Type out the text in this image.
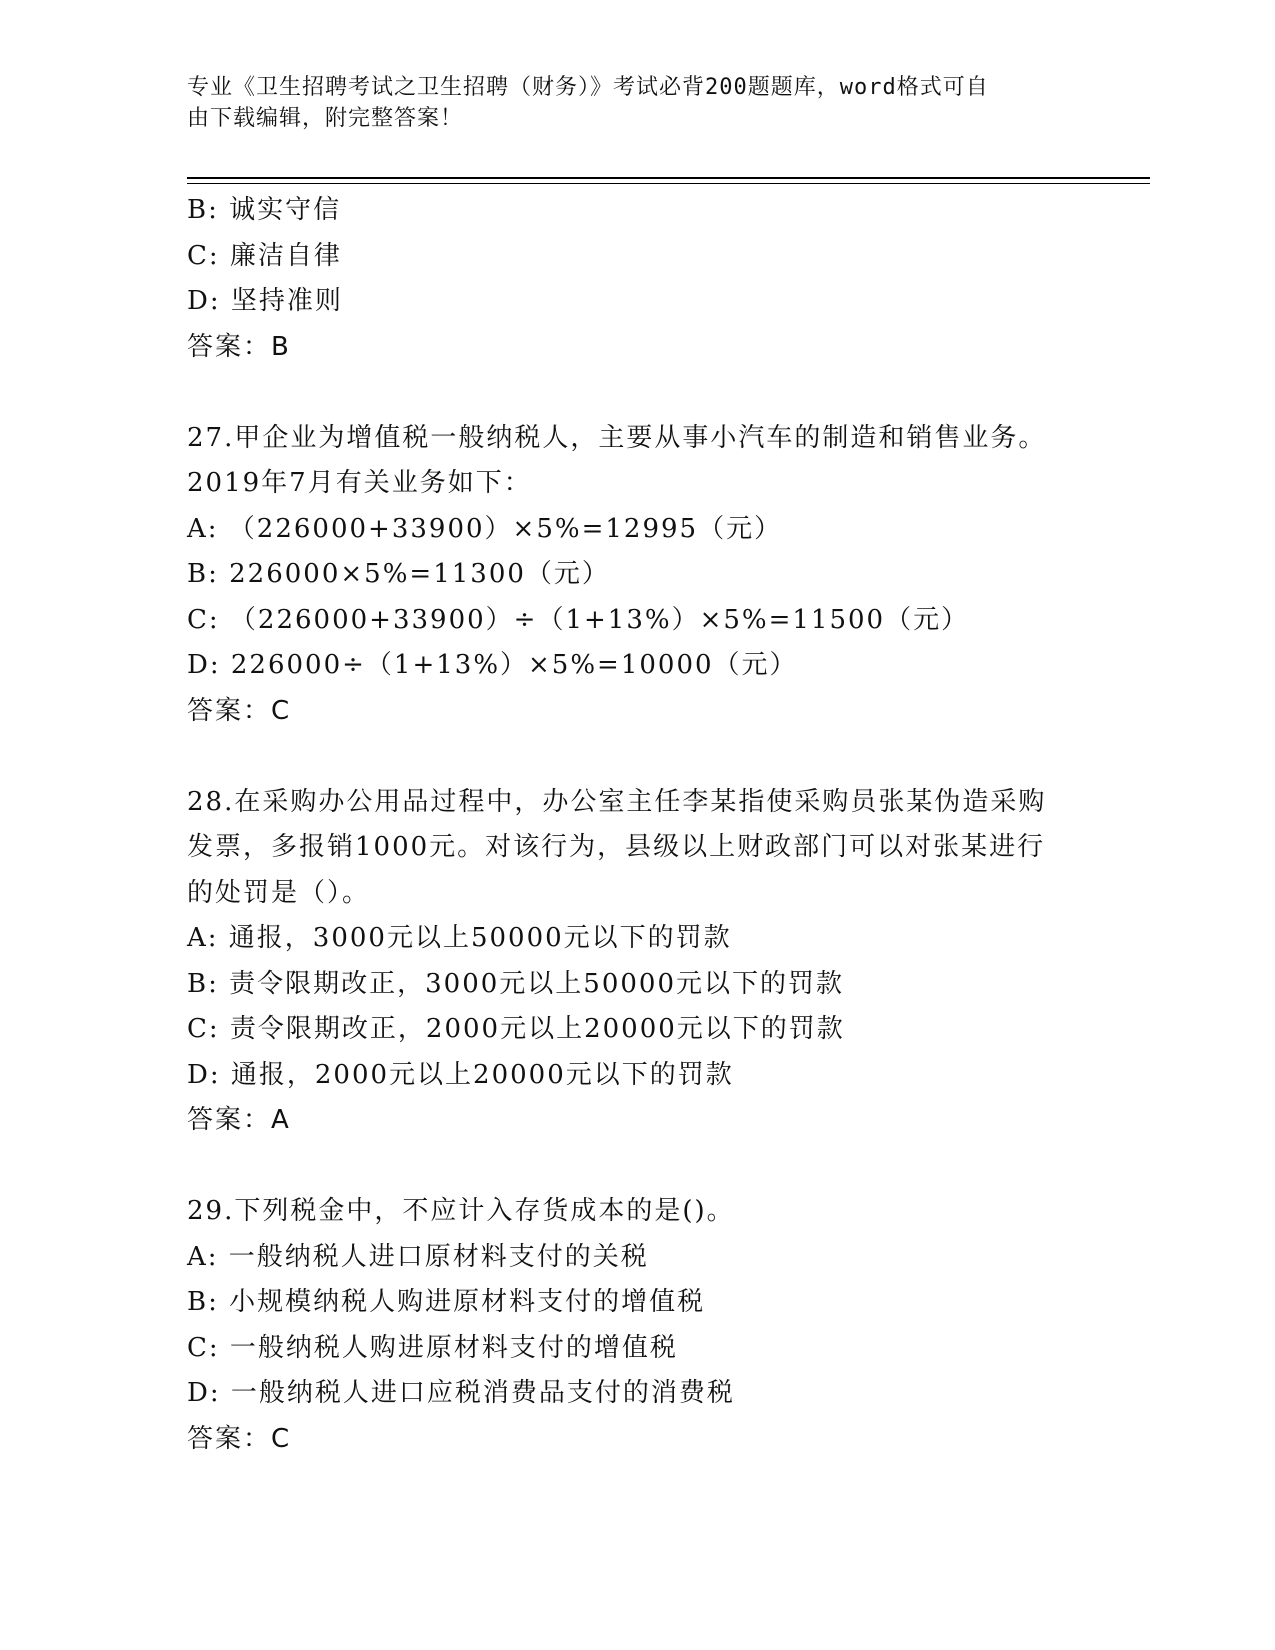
专业《卫生招聘考试之卫生招聘（财务）》考试必背200题题库，word格式可自
由下载编辑，附完整答案！

B: 诚实守信

C: 廉洁自律

D: 坚持准则

答案：B

27.甲企业为增值税一般纳税人，主要从事小汽车的制造和销售业务。

2019年7月有关业务如下：

A: （226000+33900）×5%=12995（元）

B: 226000×5%=11300（元）

C: （226000+33900）÷（1+13%）×5%=11500（元）

D: 226000÷（1+13%）×5%=10000（元）

答案：C

28.在采购办公用品过程中，办公室主任李某指使采购员张某伪造采购

发票，多报销1000元。对该行为，县级以上财政部门可以对张某进行

的处罚是（）。

A: 通报，3000元以上50000元以下的罚款

B: 责令限期改正，3000元以上50000元以下的罚款

C: 责令限期改正，2000元以上20000元以下的罚款

D: 通报，2000元以上20000元以下的罚款

答案：A

29.下列税金中，不应计入存货成本的是()。

A: 一般纳税人进口原材料支付的关税

B: 小规模纳税人购进原材料支付的增值税

C: 一般纳税人购进原材料支付的增值税

D: 一般纳税人进口应税消费品支付的消费税

答案：C
